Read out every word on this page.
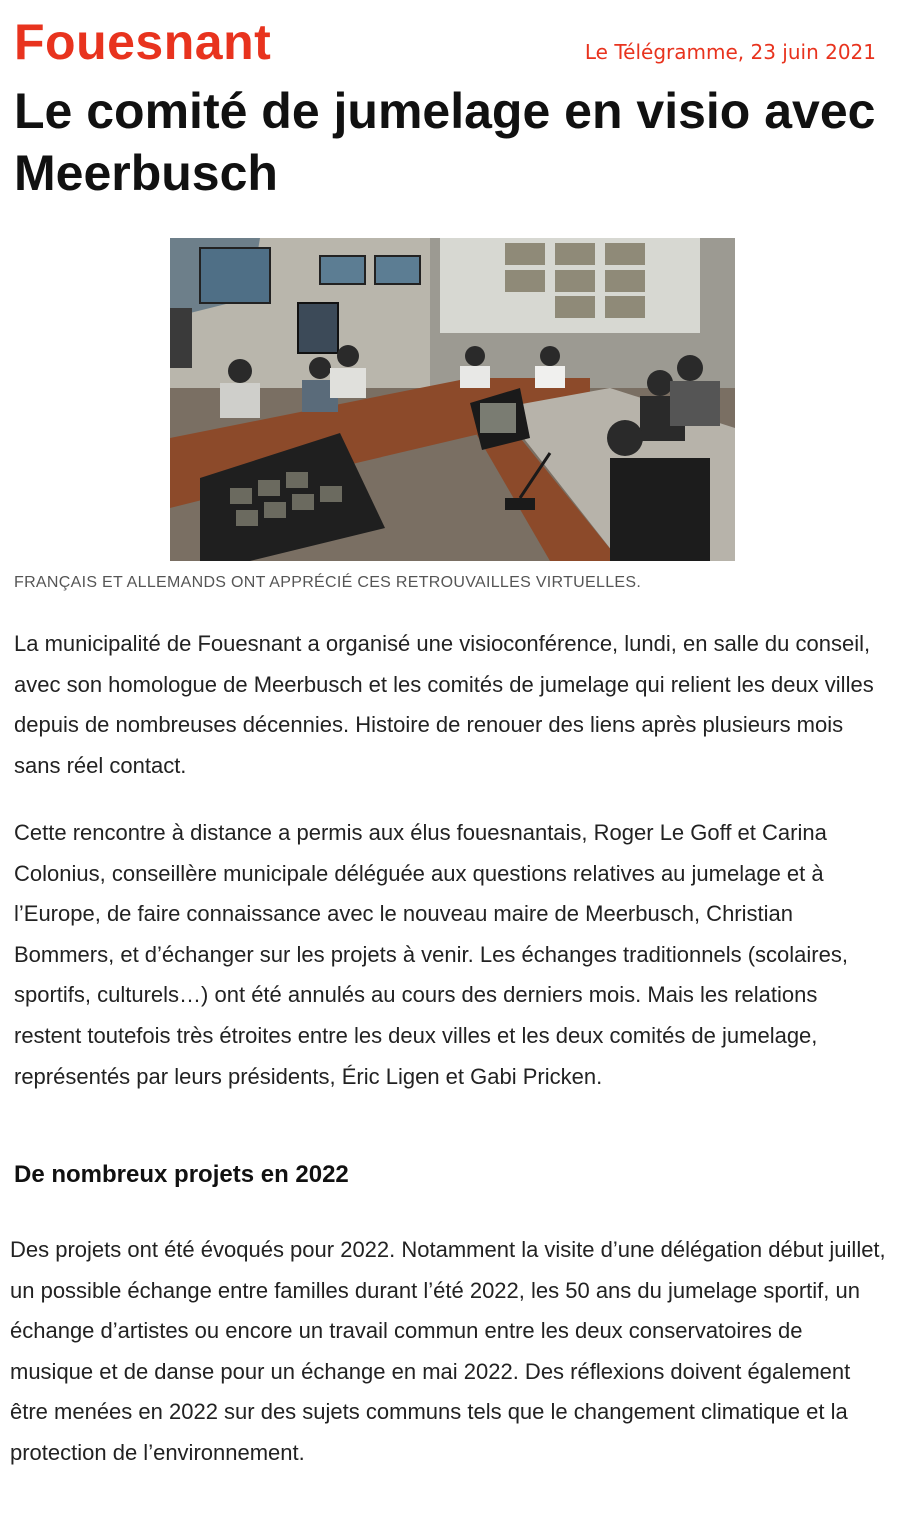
Fouesnant	Le Télégramme, 23 juin 2021
Le comité de jumelage en visio avec Meerbusch
FRANÇAIS ET ALLEMANDS ONT APPRÉCIÉ CES RETROUVAILLES VIRTUELLES.

La municipalité de Fouesnant a organisé une visioconférence, lundi, en salle du conseil, avec son homologue de Meerbusch et les comités de jumelage qui relient les deux villes depuis de nombreuses décennies. Histoire de renouer des liens après plusieurs mois sans réel contact.

Cette rencontre à distance a permis aux élus fouesnantais, Roger Le Goff et Carina Colonius, conseillère municipale déléguée aux questions relatives au jumelage et à l’Europe, de faire connaissance avec le nouveau maire de Meerbusch, Christian Bommers, et d’échanger sur les projets à venir. Les échanges traditionnels (scolaires, sportifs, culturels…) ont été annulés au cours des derniers mois. Mais les relations restent toutefois très étroites entre les deux villes et les deux comités de jumelage, représentés par leurs présidents, Éric Ligen et Gabi Pricken.

De nombreux projets en 2022

Des projets ont été évoqués pour 2022. Notamment la visite d’une délégation début juillet, un possible échange entre familles durant l’été 2022, les 50 ans du jumelage sportif, un échange d’artistes ou encore un travail commun entre les deux conservatoires de musique et de danse pour un échange en mai 2022. Des réflexions doivent également être menées en 2022 sur des sujets communs tels que le changement climatique et la protection de l’environnement.
